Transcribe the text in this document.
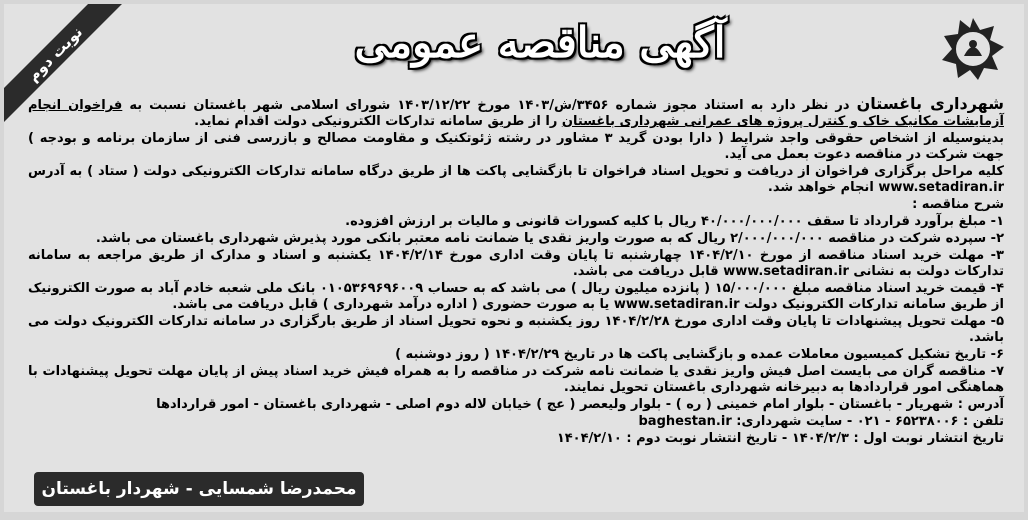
نوبت دوم	آگهی مناقصه عمومی

شهرداری باغستان در نظر دارد به استناد مجوز شماره ۳۴۵۶/ش/۱۴۰۳ مورخ ۱۴۰۳/۱۲/۲۲ شورای اسلامی شهر باغستان نسبت به فراخوان انجام آزمایشات مکانیک خاک و کنترل پروژه های عمرانی شهرداری باغستان را از طریق سامانه تدارکات الکترونیکی دولت اقدام نماید.

بدینوسیله از اشخاص حقوقی واجد شرایط ( دارا بودن گرید ۳ مشاور در رشته ژئوتکنیک و مقاومت مصالح و بازرسی فنی از سازمان برنامه و بودجه ) جهت شرکت در مناقصه دعوت بعمل می آید.

کلیه مراحل برگزاری فراخوان از دریافت و تحویل اسناد فراخوان تا بازگشایی پاکت ها از طریق درگاه سامانه تدارکات الکترونیکی دولت ( ستاد ) به آدرس www.setadiran.ir انجام خواهد شد.

شرح مناقصه :

۱- مبلغ برآورد قرارداد تا سقف ۴۰/۰۰۰/۰۰۰/۰۰۰ ریال با کلیه کسورات قانونی و مالیات بر ارزش افزوده.

۲- سپرده شرکت در مناقصه ۲/۰۰۰/۰۰۰/۰۰۰ ریال که به صورت واریز نقدی یا ضمانت نامه معتبر بانکی مورد پذیرش شهرداری باغستان می باشد.

۳- مهلت خرید اسناد مناقصه از مورخ ۱۴۰۴/۲/۱۰ چهارشنبه تا پایان وقت اداری مورخ ۱۴۰۴/۲/۱۴ یکشنبه و اسناد و مدارک از طریق مراجعه به سامانه تدارکات دولت به نشانی www.setadiran.ir قابل دریافت می باشد.

۴- قیمت خرید اسناد مناقصه مبلغ ۱۵/۰۰۰/۰۰۰ ( پانزده میلیون ریال ) می باشد که به حساب ۰۱۰۵۳۶۹۶۹۶۰۰۹ بانک ملی شعبه خادم آباد به صورت الکترونیک از طریق سامانه تدارکات الکترونیک دولت www.setadiran.ir یا به صورت حضوری ( اداره درآمد شهرداری ) قابل دریافت می باشد.

۵- مهلت تحویل پیشنهادات تا پایان وقت اداری مورخ ۱۴۰۴/۲/۲۸ روز یکشنبه و نحوه تحویل اسناد از طریق بارگزاری در سامانه تدارکات الکترونیک دولت می باشد.

۶- تاریخ تشکیل کمیسیون معاملات عمده و بازگشایی پاکت ها در تاریخ ۱۴۰۴/۲/۲۹ ( روز دوشنبه )

۷- مناقصه گران می بایست اصل فیش واریز نقدی یا ضمانت نامه شرکت در مناقصه را به همراه فیش خرید اسناد پیش از پایان مهلت تحویل پیشنهادات با هماهنگی امور قراردادها به دبیرخانه شهرداری باغستان تحویل نمایند.

آدرس : شهریار - باغستان - بلوار امام خمینی ( ره ) - بلوار ولیعصر ( عج ) خیابان لاله دوم اصلی - شهرداری باغستان - امور قراردادها

تلفن : ۶۵۲۳۸۰۰۶ - ۰۲۱ - سایت شهرداری: baghestan.ir

تاریخ انتشار نوبت اول : ۱۴۰۴/۲/۳ - تاریخ انتشار نوبت دوم : ۱۴۰۴/۲/۱۰

محمدرضا شمسایی - شهردار باغستان
